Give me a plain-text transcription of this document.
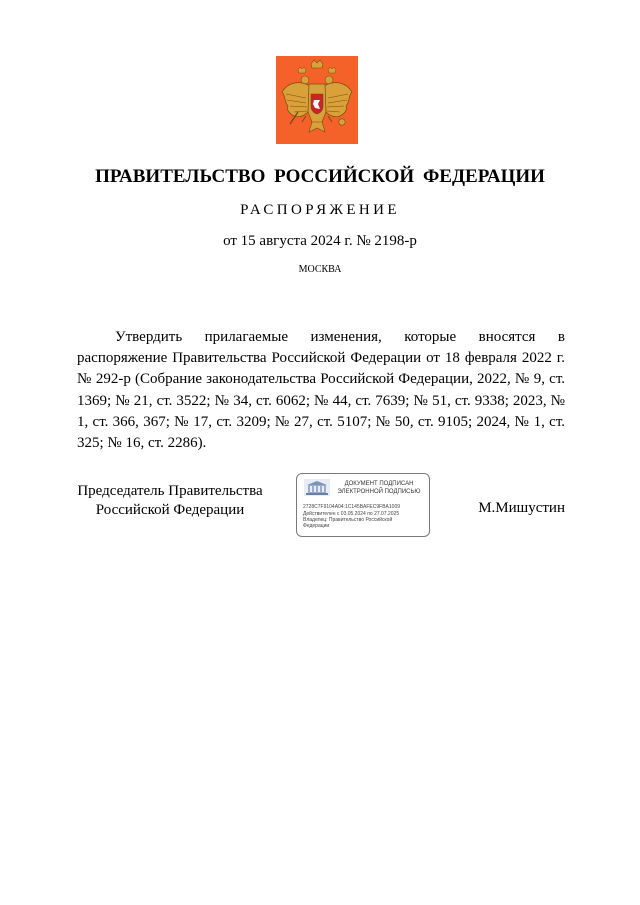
ПРАВИТЕЛЬСТВО РОССИЙСКОЙ ФЕДЕРАЦИИ

РАСПОРЯЖЕНИЕ

от 15 августа 2024 г. № 2198-р

МОСКВА

Утвердить прилагаемые изменения, которые вносятся в распоряжение Правительства Российской Федерации от 18 февраля 2022 г. № 292-р (Собрание законодательства Российской Федерации, 2022, № 9, ст. 1369; № 21, ст. 3522; № 34, ст. 6062; № 44, ст. 7639; № 51, ст. 9338; 2023, № 1, ст. 366, 367; № 17, ст. 3209; № 27, ст. 5107; № 50, ст. 9105; 2024, № 1, ст. 325; № 16, ст. 2286).

Председатель Правительства
Российской Федерации
ДОКУМЕНТ ПОДПИСАН
ЭЛЕКТРОННОЙ ПОДПИСЬЮ
2728C7F9104A04:1C145BAFEC9FBA1009
Действителен с 03.05.2024 по 27.07.2025
Владелец: Правительство Российской
Федерации
М.Мишустин
